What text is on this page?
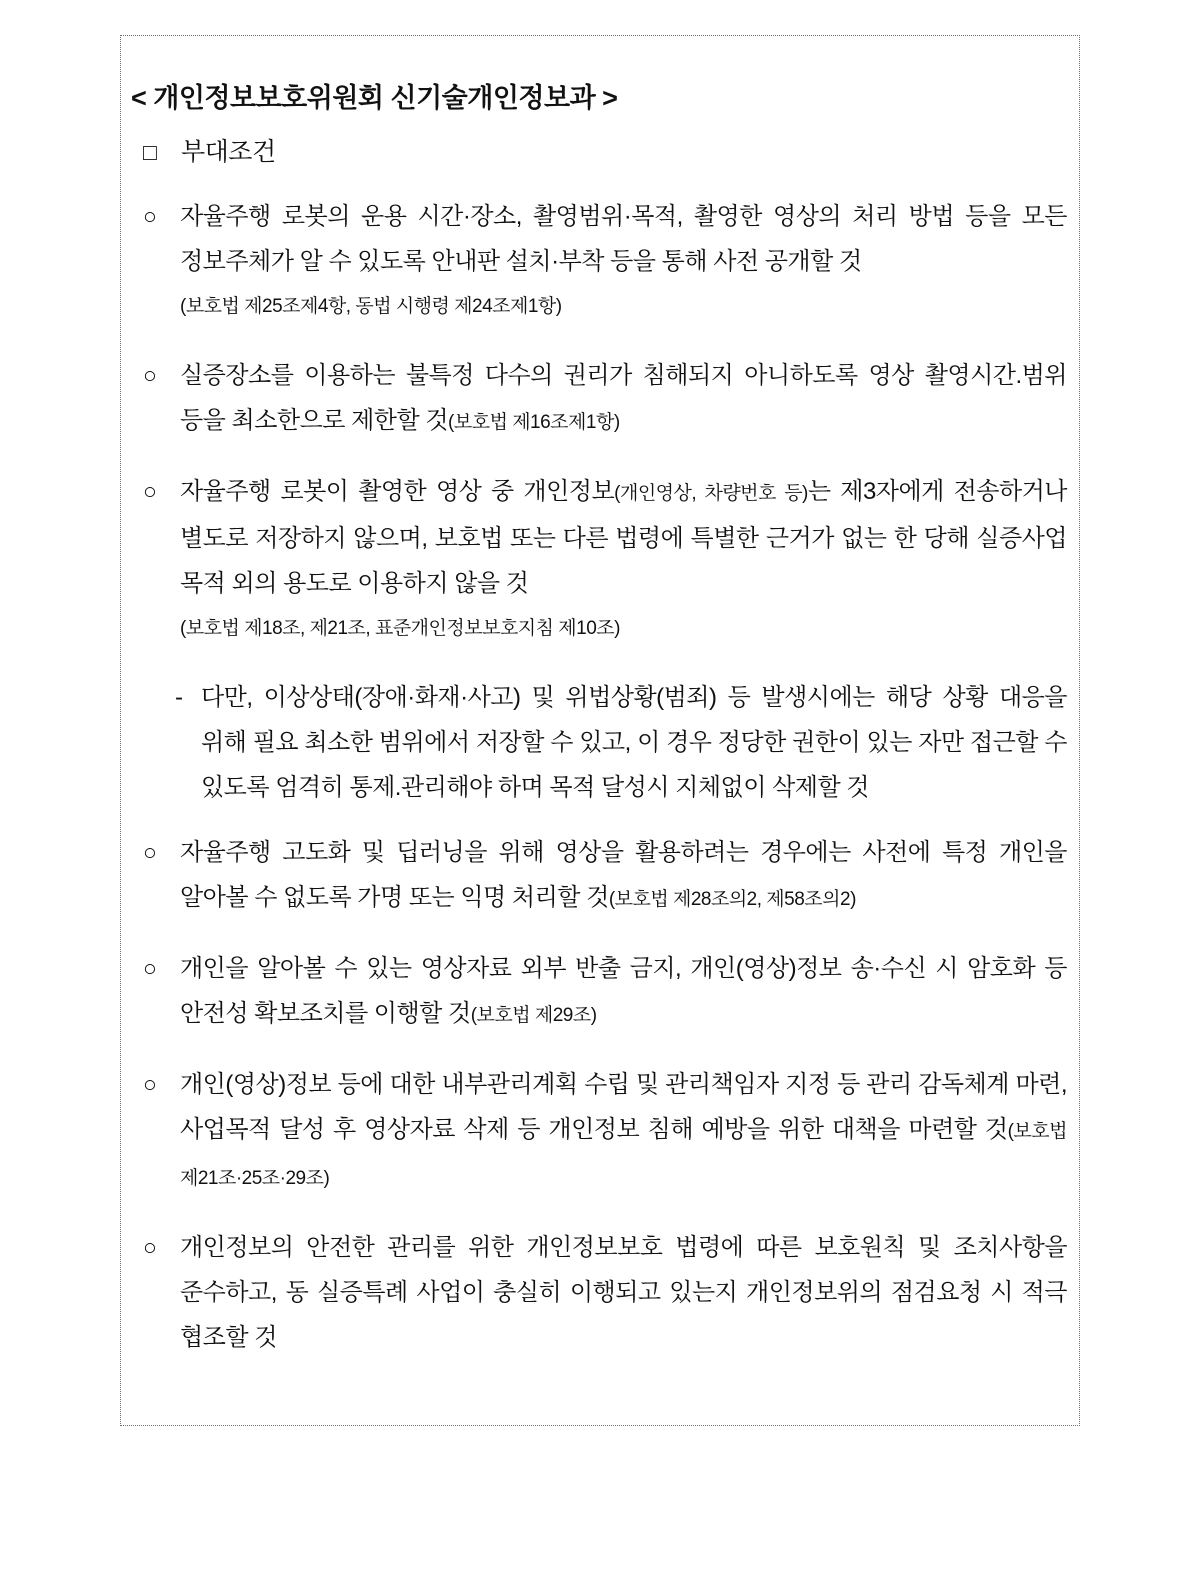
< 개인정보보호위원회 신기술개인정보과 >
□ 부대조건
○ 자율주행 로봇의 운용 시간·장소, 촬영범위·목적, 촬영한 영상의 처리 방법 등을 모든 정보주체가 알 수 있도록 안내판 설치·부착 등을 통해 사전 공개할 것
(보호법 제25조제4항, 동법 시행령 제24조제1항)
○ 실증장소를 이용하는 불특정 다수의 권리가 침해되지 아니하도록 영상 촬영시간.범위 등을 최소한으로 제한할 것(보호법 제16조제1항)
○ 자율주행 로봇이 촬영한 영상 중 개인정보(개인영상, 차량번호 등)는 제3자에게 전송하거나 별도로 저장하지 않으며, 보호법 또는 다른 법령에 특별한 근거가 없는 한 당해 실증사업 목적 외의 용도로 이용하지 않을 것
(보호법 제18조, 제21조, 표준개인정보보호지침 제10조)
- 다만, 이상상태(장애·화재·사고) 및 위법상황(범죄) 등 발생시에는 해당 상황 대응을 위해 필요 최소한 범위에서 저장할 수 있고, 이 경우 정당한 권한이 있는 자만 접근할 수 있도록 엄격히 통제.관리해야 하며 목적 달성시 지체없이 삭제할 것
○ 자율주행 고도화 및 딥러닝을 위해 영상을 활용하려는 경우에는 사전에 특정 개인을 알아볼 수 없도록 가명 또는 익명 처리할 것(보호법 제28조의2, 제58조의2)
○ 개인을 알아볼 수 있는 영상자료 외부 반출 금지, 개인(영상)정보 송·수신 시 암호화 등 안전성 확보조치를 이행할 것(보호법 제29조)
○ 개인(영상)정보 등에 대한 내부관리계획 수립 및 관리책임자 지정 등 관리 감독체계 마련, 사업목적 달성 후 영상자료 삭제 등 개인정보 침해 예방을 위한 대책을 마련할 것(보호법 제21조·25조·29조)
○ 개인정보의 안전한 관리를 위한 개인정보보호 법령에 따른 보호원칙 및 조치사항을 준수하고, 동 실증특례 사업이 충실히 이행되고 있는지 개인정보위의 점검요청 시 적극 협조할 것
